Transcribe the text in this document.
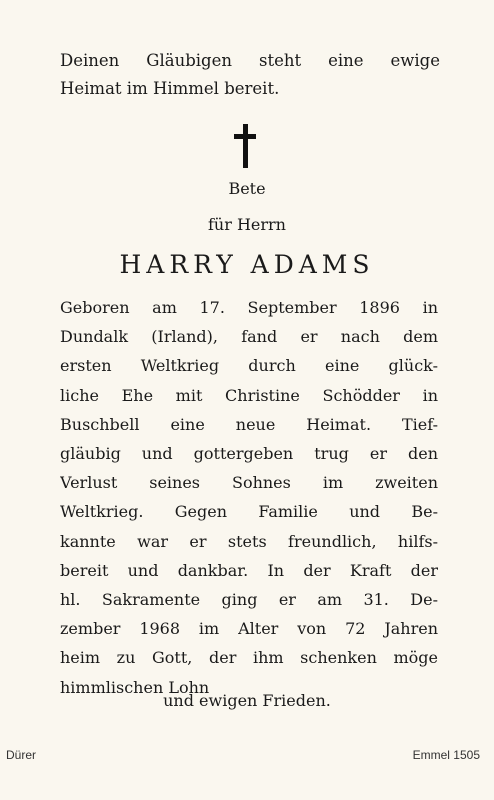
Deinen Gläubigen steht eine ewige
Heimat im Himmel bereit.
Bete
für Herrn
HARRY ADAMS
Geboren am 17. September 1896 in
Dundalk (Irland), fand er nach dem
ersten Weltkrieg durch eine glück-
liche Ehe mit Christine Schödder in
Buschbell eine neue Heimat. Tief-
gläubig und gottergeben trug er den
Verlust seines Sohnes im zweiten
Weltkrieg. Gegen Familie und Be-
kannte war er stets freundlich, hilfs-
bereit und dankbar. In der Kraft der
hl. Sakramente ging er am 31. De-
zember 1968 im Alter von 72 Jahren
heim zu Gott, der ihm schenken möge
himmlischen Lohn
und ewigen Frieden.
Dürer	Emmel 1505
